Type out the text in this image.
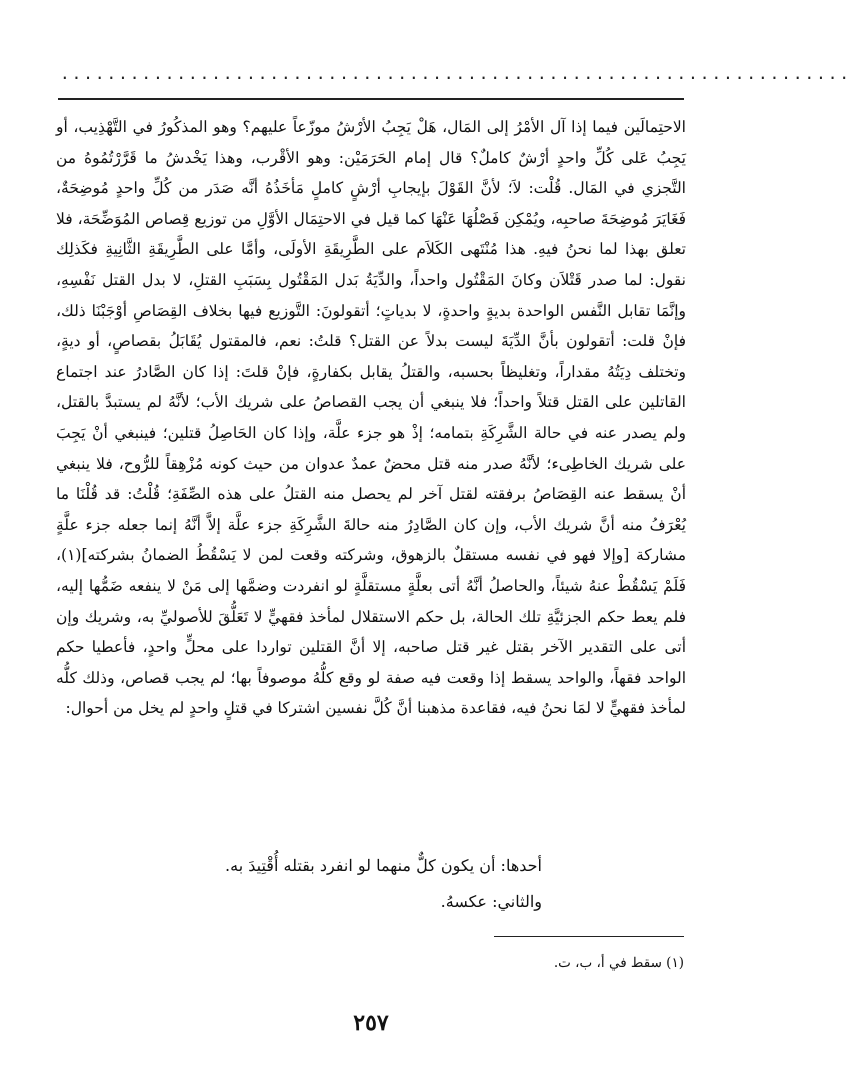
....................................................................

الاحتِمالَين فيما إذا آل الأمْرُ إلى المَال، هَلْ يَجِبُ الأرْشُ موزّعاً عليهم؟ وهو المذكُورُ في التَّهْذِيب، أو يَجِبُ عَلى كُلِّ واحدٍ أرْشٌ كاملٌ؟ قال إمام الحَرَمَيْن: وهو الأقْرب، وهذا يَخْدشُ ما قَرَّرْتُمُوهُ من التَّجزي في المَال. قُلْت: لاَ؛ لأنَّ القَوْلَ بإيجابِ أرْشٍ كاملٍ مَأخَذُهُ أنَّه صَدَر من كُلِّ واحدٍ مُوضِحَةٌ، فَغَايَرَ مُوضِحَةَ صاحبِه، ويُمْكِن فَصْلُهَا عَنْهَا كما قيل في الاحتِمَال الأوَّلِ من توزيع قِصاص المُوَضِّحَة، فلا تعلق بهذا لما نحنُ فيهِ. هذا مُنْتَهى الكَلاَم على الطَّرِيقَةِ الأولَى، وأمَّا على الطَّرِيقَةِ الثَّانِيةِ فكَذلِك نقول: لما صدر قَتْلاَن وكانَ المَقْتُول واحداً، والدِّيَةُ بَدل المَقْتُول بِسَبَبِ القتلِ، لا بدل القتل نَفْسِهِ، وإنَّمَا تقابل النَّفس الواحدة بديةٍ واحدةٍ، لا بدياتٍ؛ أتقولونَ: التَّوزيع فيها بخلاف القِصَاصِ أوْجَبْنَا ذلك، فإنْ قلت: أتقولون بأنَّ الدِّيَةَ ليست بدلاً عن القتل؟ قلتُ: نعم، فالمقتول يُقَابَلُ بقصاصٍ، أو ديةٍ، وتختلف دِيَتُهُ مقداراً، وتغليظاً بحسبه، والقتلُ يقابل بكفارةٍ، فإنْ قلتَ: إذا كان الصَّادرُ عند اجتماع القاتلين على القتل قتلاً واحداً؛ فلا ينبغي أن يجب القصاصُ على شريك الأب؛ لأنَّهُ لم يستبدَّ بالقتل، ولم يصدر عنه في حالة الشَّرِكَةِ بتمامه؛ إذْ هو جزء علَّة، وإذا كان الحَاصِلُ قتلين؛ فينبغي أنْ يَجِبَ على شريك الخاطِىء؛ لأنَّهُ صدر منه قتل محضٌ عمدٌ عدوان من حيث كونه مُزْهِقاً للرُّوح، فلا ينبغي أنْ يسقط عنه القِصَاصُ برفقته لقتل آخر لم يحصل منه القتلُ على هذه الصِّفَةِ؛ قُلْتُ: قد قُلْنَا ما يُعْرَفُ منه أنَّ شريك الأب، وإن كان الصَّادِرُ منه حالةَ الشَّرِكَةِ جزء علَّة إلاَّ أنَّهُ إنما جعله جزء علَّةٍ مشاركة [وإلا فهو في نفسه مستقلٌ بالزهوق، وشركته وقعت لمن لا يَسْقُطُ الضمانُ بشركته](١)، فَلَمْ يَسْقُطْ عنهُ شيئاً، والحاصلُ أنَّهُ أتى بعلَّةٍ مستقلَّةٍ لو انفردت وضمَّها إلى مَنْ لا ينفعه ضَمُّها إليه، فلم يعط حكم الجزئيَّةِ تلك الحالة، بل حكم الاستقلال لمأخذ فقهيٍّ لا تَعَلُّقَ للأصوليِّ به، وشريك وإن أتى على التقدير الآخر بقتل غير قتل صاحبه، إلا أنَّ القتلين تواردا على محلٍّ واحدٍ، فأعطيا حكم الواحد فقهاً، والواحد يسقط إذا وقعت فيه صفة لو وقع كلُّهُ موصوفاً بها؛ لم يجب قصاص، وذلك كلُّه لمأخذ فقهيٍّ لا لمَا نحنُ فيه، فقاعدة مذهبنا أنَّ كُلَّ نفسين اشتركا في قتلٍ واحدٍ لم يخل من أحوال:

أحدها: أن يكون كلٌّ منهما لو انفرد بقتله أُقْتِيدَ به.

والثاني: عكسهُ.

(١) سقط في أ، ب، ت.
٢٥٧
